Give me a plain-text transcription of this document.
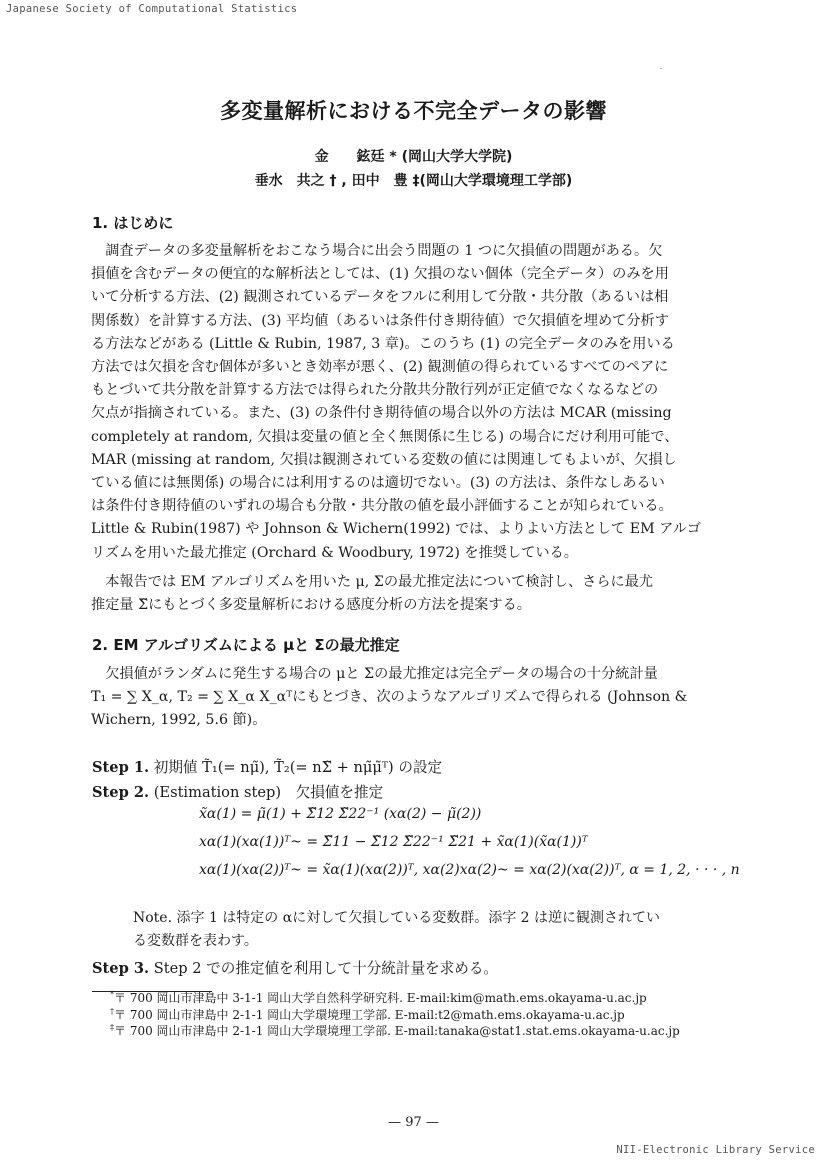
Japanese Society of Computational Statistics
多変量解析における不完全データの影響
金　　鉉廷 * (岡山大学大学院)
垂水　共之 † , 田中　豊 ‡(岡山大学環境理工学部)
1. はじめに
　調査データの多変量解析をおこなう場合に出会う問題の 1 つに欠損値の問題がある。欠
損値を含むデータの便宜的な解析法としては、(1) 欠損のない個体（完全データ）のみを用
いて分析する方法、(2) 観測されているデータをフルに利用して分散・共分散（あるいは相
関係数）を計算する方法、(3) 平均値（あるいは条件付き期待値）で欠損値を埋めて分析す
る方法などがある (Little & Rubin, 1987, 3 章)。このうち (1) の完全データのみを用いる
方法では欠損を含む個体が多いとき効率が悪く、(2) 観測値の得られているすべてのペアに
もとづいて共分散を計算する方法では得られた分散共分散行列が正定値でなくなるなどの
欠点が指摘されている。また、(3) の条件付き期待値の場合以外の方法は MCAR (missing
completely at random, 欠損は変量の値と全く無関係に生じる) の場合にだけ利用可能で、
MAR (missing at random, 欠損は観測されている変数の値には関連してもよいが、欠損し
ている値には無関係) の場合には利用するのは適切でない。(3) の方法は、条件なしあるい
は条件付き期待値のいずれの場合も分散・共分散の値を最小評価することが知られている。
Little & Rubin(1987) や Johnson & Wichern(1992) では、よりよい方法として EM アルゴ
リズムを用いた最尤推定 (Orchard & Woodbury, 1972) を推奨している。
　本報告では EM アルゴリズムを用いた μ, Σの最尤推定法について検討し、さらに最尤
推定量 Σ̃にもとづく多変量解析における感度分析の方法を提案する。
2. EM アルゴリズムによる μと Σの最尤推定
　欠損値がランダムに発生する場合の μと Σの最尤推定は完全データの場合の十分統計量
T₁ = ∑ X_α, T₂ = ∑ X_α X_αᵀにもとづき、次のようなアルゴリズムで得られる (Johnson &
Wichern, 1992, 5.6 節)。
Step 1. 初期値 T̃₁(= nμ̃), T̃₂(= nΣ̃ + nμ̃μ̃ᵀ) の設定
Step 2. (Estimation step)　欠損値を推定
x̃α(1) = μ̃(1) + Σ̃12 Σ̃22⁻¹ (xα(2) − μ̃(2))
xα(1)(xα(1))ᵀ~ = Σ̃11 − Σ̃12 Σ̃22⁻¹ Σ̃21 + x̃α(1)(x̃α(1))ᵀ
xα(1)(xα(2))ᵀ~ = x̃α(1)(xα(2))ᵀ, xα(2)xα(2)~ = xα(2)(xα(2))ᵀ, α = 1, 2, · · · , n
Note. 添字 1 は特定の αに対して欠損している変数群。添字 2 は逆に観測されてい
る変数群を表わす。
Step 3. Step 2 での推定値を利用して十分統計量を求める。
*〒 700 岡山市津島中 3-1-1 岡山大学自然科学研究科. E-mail:kim@math.ems.okayama-u.ac.jp
†〒 700 岡山市津島中 2-1-1 岡山大学環境理工学部. E-mail:t2@math.ems.okayama-u.ac.jp
‡〒 700 岡山市津島中 2-1-1 岡山大学環境理工学部. E-mail:tanaka@stat1.stat.ems.okayama-u.ac.jp
— 97 —
NII-Electronic Library Service
